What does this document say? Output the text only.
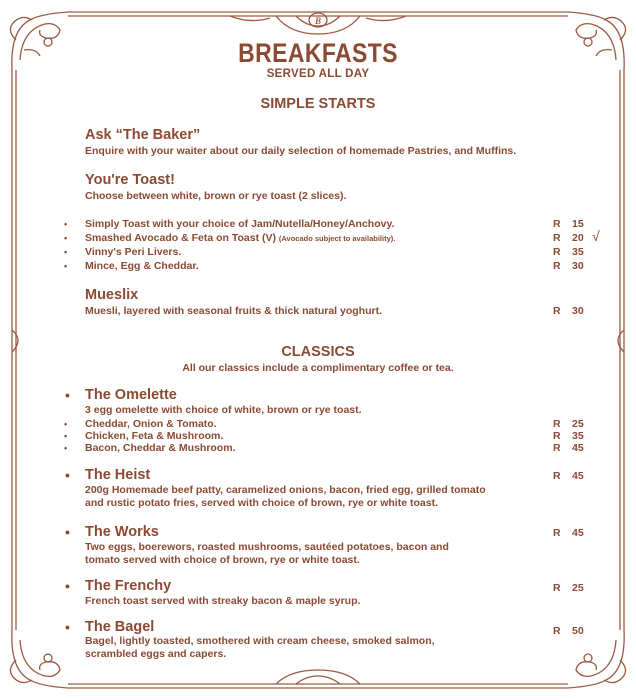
B
BREAKFASTS
SERVED ALL DAY
SIMPLE STARTS
Ask “The Baker”
Enquire with your waiter about our daily selection of homemade Pastries, and Muffins.
You're Toast!
Choose between white, brown or rye toast (2 slices).
• Simply Toast with your choice of Jam/Nutella/Honey/Anchovy.	R 15
• Smashed Avocado & Feta on Toast (V) (Avocado subject to availability).	R 20 √
• Vinny's Peri Livers.	R 35
• Mince, Egg & Cheddar.	R 30
Mueslix
Muesli, layered with seasonal fruits & thick natural yoghurt.	R 30
CLASSICS
All our classics include a complimentary coffee or tea.
• The Omelette
3 egg omelette with choice of white, brown or rye toast.
• Cheddar, Onion & Tomato.	R 25
• Chicken, Feta & Mushroom.	R 35
• Bacon, Cheddar & Mushroom.	R 45
• The Heist	R 45
200g Homemade beef patty, caramelized onions, bacon, fried egg, grilled tomato
and rustic potato fries, served with choice of brown, rye or white toast.
• The Works	R 45
Two eggs, boerewors, roasted mushrooms, sautéed potatoes, bacon and
tomato served with choice of brown, rye or white toast.
• The Frenchy	R 25
French toast served with streaky bacon & maple syrup.
• The Bagel	R 50
Bagel, lightly toasted, smothered with cream cheese, smoked salmon,
scrambled eggs and capers.
